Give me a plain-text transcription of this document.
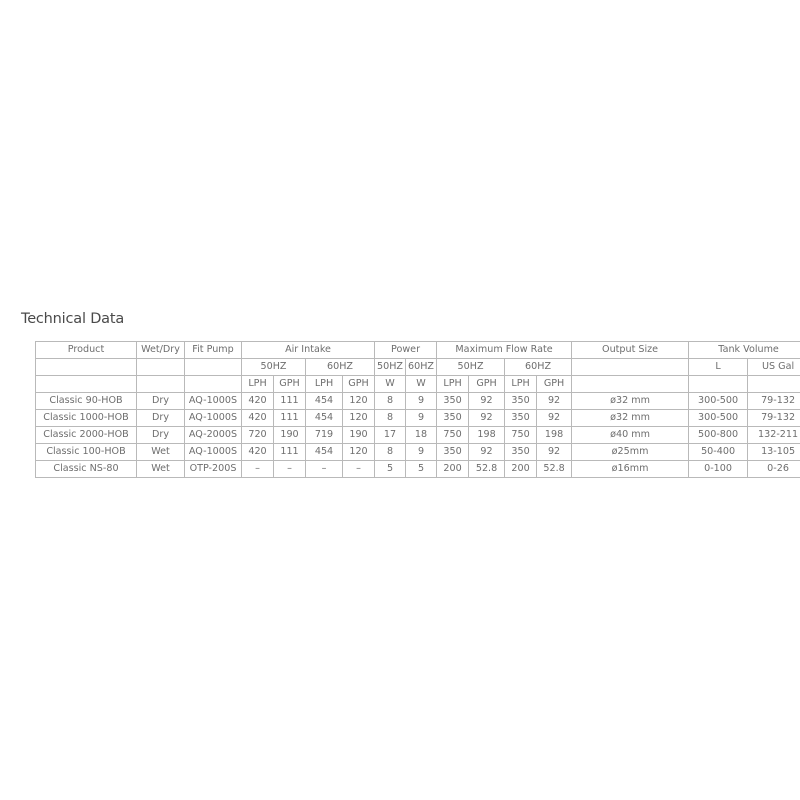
Technical Data
Product	Wet/Dry	Fit Pump	Air Intake				Power		Maximum Flow Rate				Output Size	Tank Volume	
			50HZ		60HZ		50HZ	60HZ	50HZ		60HZ			L	US Gal
			LPH	GPH	LPH	GPH	W	W	LPH	GPH	LPH	GPH			
Classic 90-HOB	Dry	AQ-1000S	420	111	454	120	8	9	350	92	350	92	ø32 mm	300-500	79-132
Classic 1000-HOB	Dry	AQ-1000S	420	111	454	120	8	9	350	92	350	92	ø32 mm	300-500	79-132
Classic 2000-HOB	Dry	AQ-2000S	720	190	719	190	17	18	750	198	750	198	ø40 mm	500-800	132-211
Classic 100-HOB	Wet	AQ-1000S	420	111	454	120	8	9	350	92	350	92	ø25mm	50-400	13-105
Classic NS-80	Wet	OTP-200S	–	–	–	–	5	5	200	52.8	200	52.8	ø16mm	0-100	0-26
